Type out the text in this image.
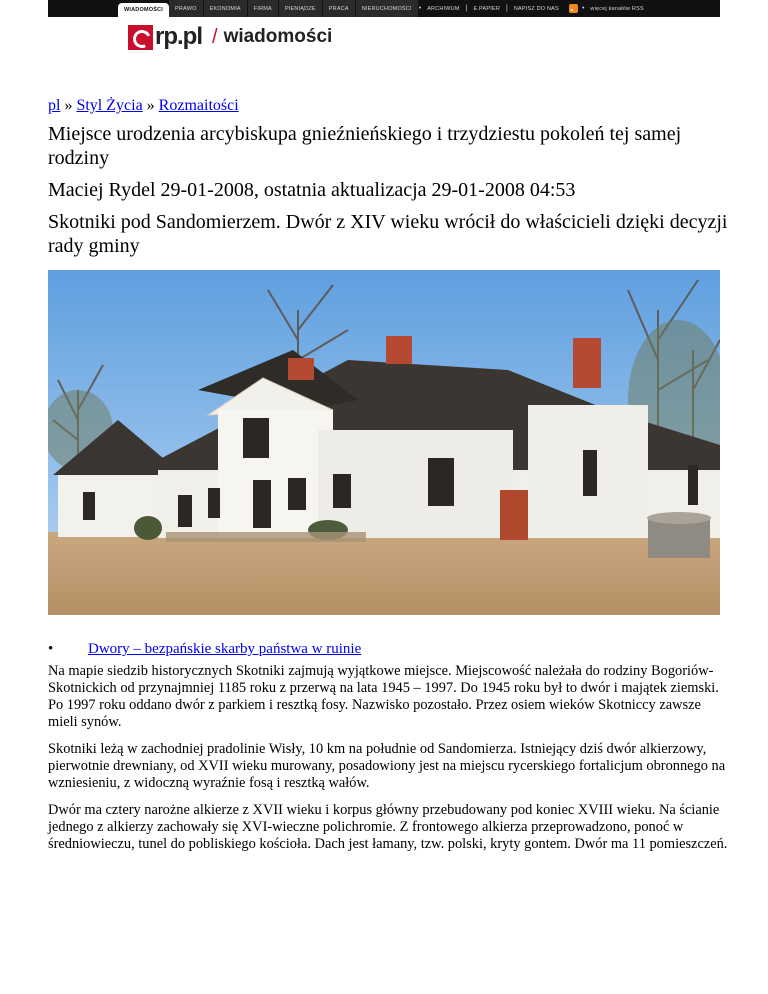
WIADOMOŚCI	PRAWO	EKONOMIA	FIRMA	PIENIĄDZE	PRACA	NIERUCHOMOŚCI	•	ARCHIWUM |	E.PAPIER |	NAPISZ DO NAS	•	więcej kanałów RSS
rp.pl / wiadomości
pl » Styl Życia » Rozmaitości
Miejsce urodzenia arcybiskupa gnieźnieńskiego i trzydziestu pokoleń tej samej rodziny
Maciej Rydel 29-01-2008, ostatnia aktualizacja 29-01-2008 04:53
Skotniki pod Sandomierzem. Dwór z XIV wieku wrócił do właścicieli dzięki decyzji rady gminy
•	Dwory – bezpańskie skarby państwa w ruinie

Na mapie siedzib historycznych Skotniki zajmują wyjątkowe miejsce. Miejscowość należała do rodziny Bogoriów-Skotnickich od przynajmniej 1185 roku z przerwą na lata 1945 – 1997. Do 1945 roku był to dwór i majątek ziemski. Po 1997 roku oddano dwór z parkiem i resztką fosy. Nazwisko pozostało. Przez osiem wieków Skotniccy zawsze mieli synów.

Skotniki leżą w zachodniej pradolinie Wisły, 10 km na południe od Sandomierza. Istniejący dziś dwór alkierzowy, pierwotnie drewniany, od XVII wieku murowany, posadowiony jest na miejscu rycerskiego fortalicjum obronnego na wzniesieniu, z widoczną wyraźnie fosą i resztką wałów.

Dwór ma cztery narożne alkierze z XVII wieku i korpus główny przebudowany pod koniec XVIII wieku. Na ścianie jednego z alkierzy zachowały się XVI-wieczne polichromie. Z frontowego alkierza przeprowadzono, ponoć w średniowieczu, tunel do pobliskiego kościoła. Dach jest łamany, tzw. polski, kryty gontem. Dwór ma 11 pomieszczeń.
